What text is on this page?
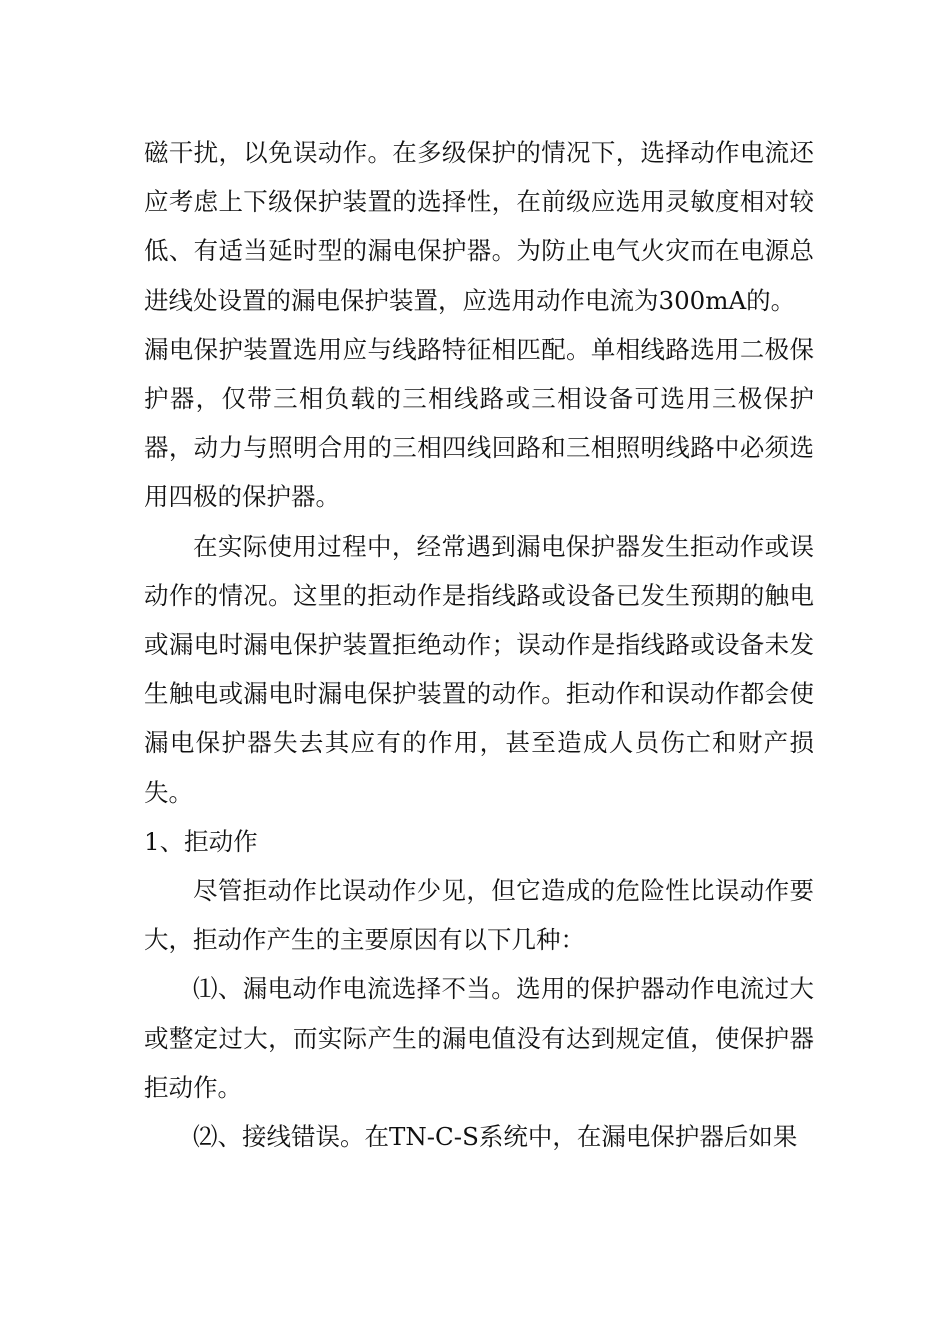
磁干扰，以免误动作。在多级保护的情况下，选择动作电流还应考虑上下级保护装置的选择性，在前级应选用灵敏度相对较低、有适当延时型的漏电保护器。为防止电气火灾而在电源总进线处设置的漏电保护装置，应选用动作电流为300mA的。

漏电保护装置选用应与线路特征相匹配。单相线路选用二极保护器，仅带三相负载的三相线路或三相设备可选用三极保护器，动力与照明合用的三相四线回路和三相照明线路中必须选用四极的保护器。

在实际使用过程中，经常遇到漏电保护器发生拒动作或误动作的情况。这里的拒动作是指线路或设备已发生预期的触电或漏电时漏电保护装置拒绝动作；误动作是指线路或设备未发生触电或漏电时漏电保护装置的动作。拒动作和误动作都会使漏电保护器失去其应有的作用，甚至造成人员伤亡和财产损失。

1、拒动作

尽管拒动作比误动作少见，但它造成的危险性比误动作要大，拒动作产生的主要原因有以下几种：

⑴、漏电动作电流选择不当。选用的保护器动作电流过大或整定过大，而实际产生的漏电值没有达到规定值，使保护器拒动作。

⑵、接线错误。在TN-C-S系统中，在漏电保护器后如果
